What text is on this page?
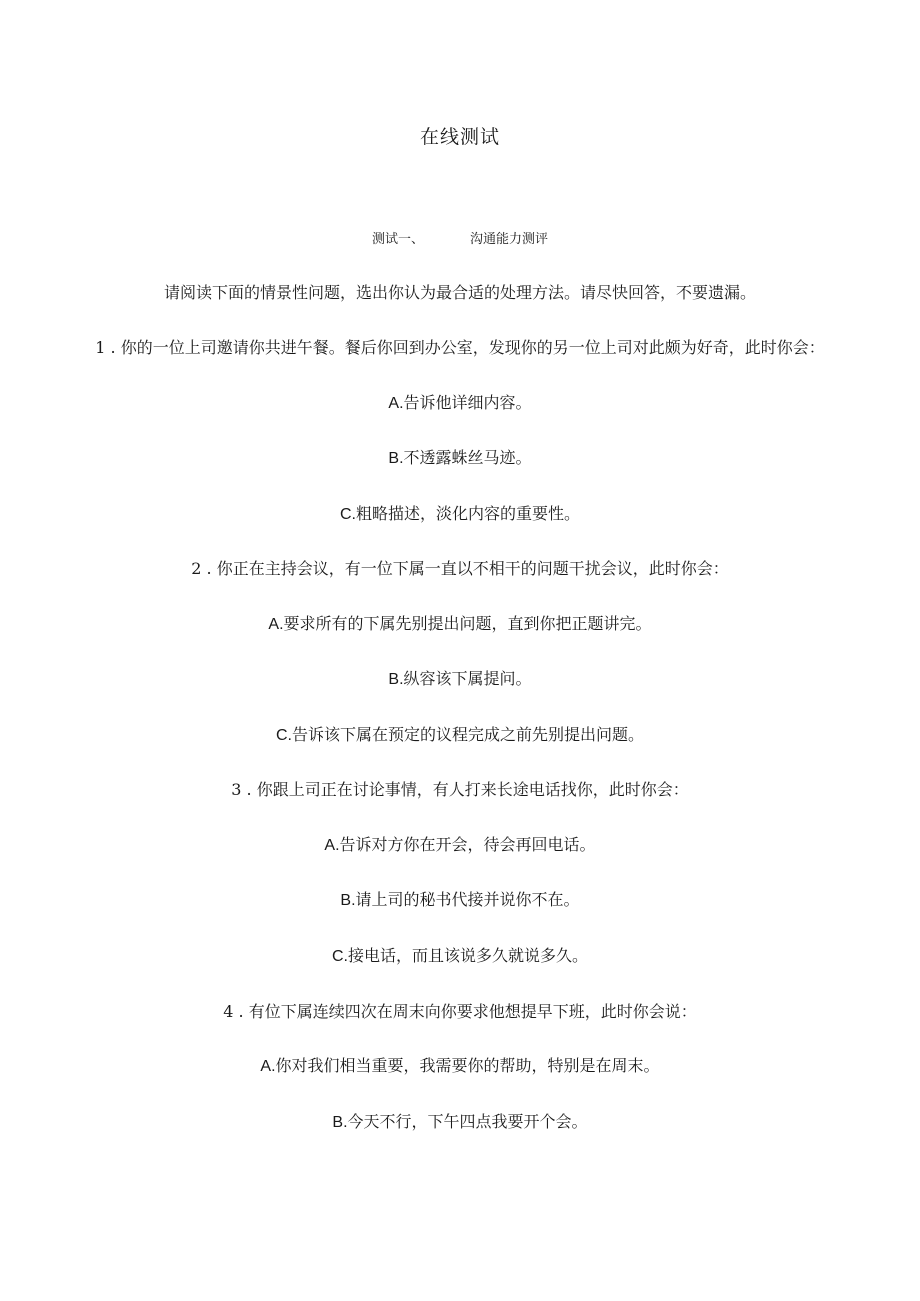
在线测试
测试一、	沟通能力测评
请阅读下面的情景性问题，选出你认为最合适的处理方法。请尽快回答，不要遗漏。
1 . 你的一位上司邀请你共进午餐。餐后你回到办公室，发现你的另一位上司对此颇为好奇，此时你会：
A.告诉他详细内容。
B.不透露蛛丝马迹。
C.粗略描述，淡化内容的重要性。
2 . 你正在主持会议，有一位下属一直以不相干的问题干扰会议，此时你会：
A.要求所有的下属先别提出问题，直到你把正题讲完。
B.纵容该下属提问。
C.告诉该下属在预定的议程完成之前先别提出问题。
3 . 你跟上司正在讨论事情，有人打来长途电话找你，此时你会：
A.告诉对方你在开会，待会再回电话。
B.请上司的秘书代接并说你不在。
C.接电话，而且该说多久就说多久。
4 . 有位下属连续四次在周末向你要求他想提早下班，此时你会说：
A.你对我们相当重要，我需要你的帮助，特别是在周末。
B.今天不行，下午四点我要开个会。
